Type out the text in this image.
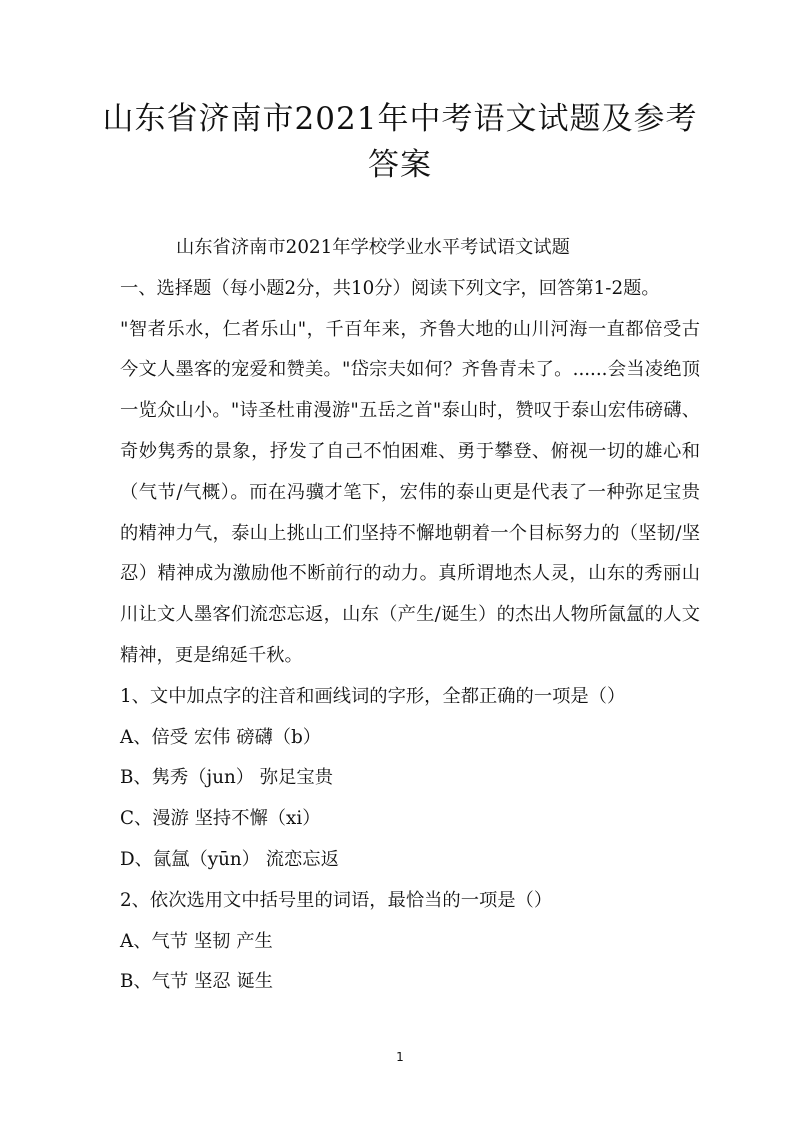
山东省济南市2021年中考语文试题及参考
答案
山东省济南市2021年学校学业水平考试语文试题
一、选择题（每小题2分，共10分）阅读下列文字，回答第1-2题。
"智者乐水，仁者乐山"，千百年来，齐鲁大地的山川河海一直都倍受古今文人墨客的宠爱和赞美。"岱宗夫如何？齐鲁青未了。......会当凌绝顶一览众山小。"诗圣杜甫漫游"五岳之首"泰山时，赞叹于泰山宏伟磅礴、奇妙隽秀的景象，抒发了自己不怕困难、勇于攀登、俯视一切的雄心和（气节/气概）。而在冯骥才笔下，宏伟的泰山更是代表了一种弥足宝贵的精神力气，泰山上挑山工们坚持不懈地朝着一个目标努力的（坚韧/坚忍）精神成为激励他不断前行的动力。真所谓地杰人灵，山东的秀丽山川让文人墨客们流恋忘返，山东（产生/诞生）的杰出人物所氤氲的人文精神，更是绵延千秋。
1、文中加点字的注音和画线词的字形，全都正确的一项是（）
A、倍受 宏伟 磅礴（b）
B、隽秀（jun） 弥足宝贵
C、漫游 坚持不懈（xi）
D、氤氲（yūn） 流恋忘返
2、依次选用文中括号里的词语，最恰当的一项是（）
A、气节 坚韧 产生
B、气节 坚忍 诞生
1
